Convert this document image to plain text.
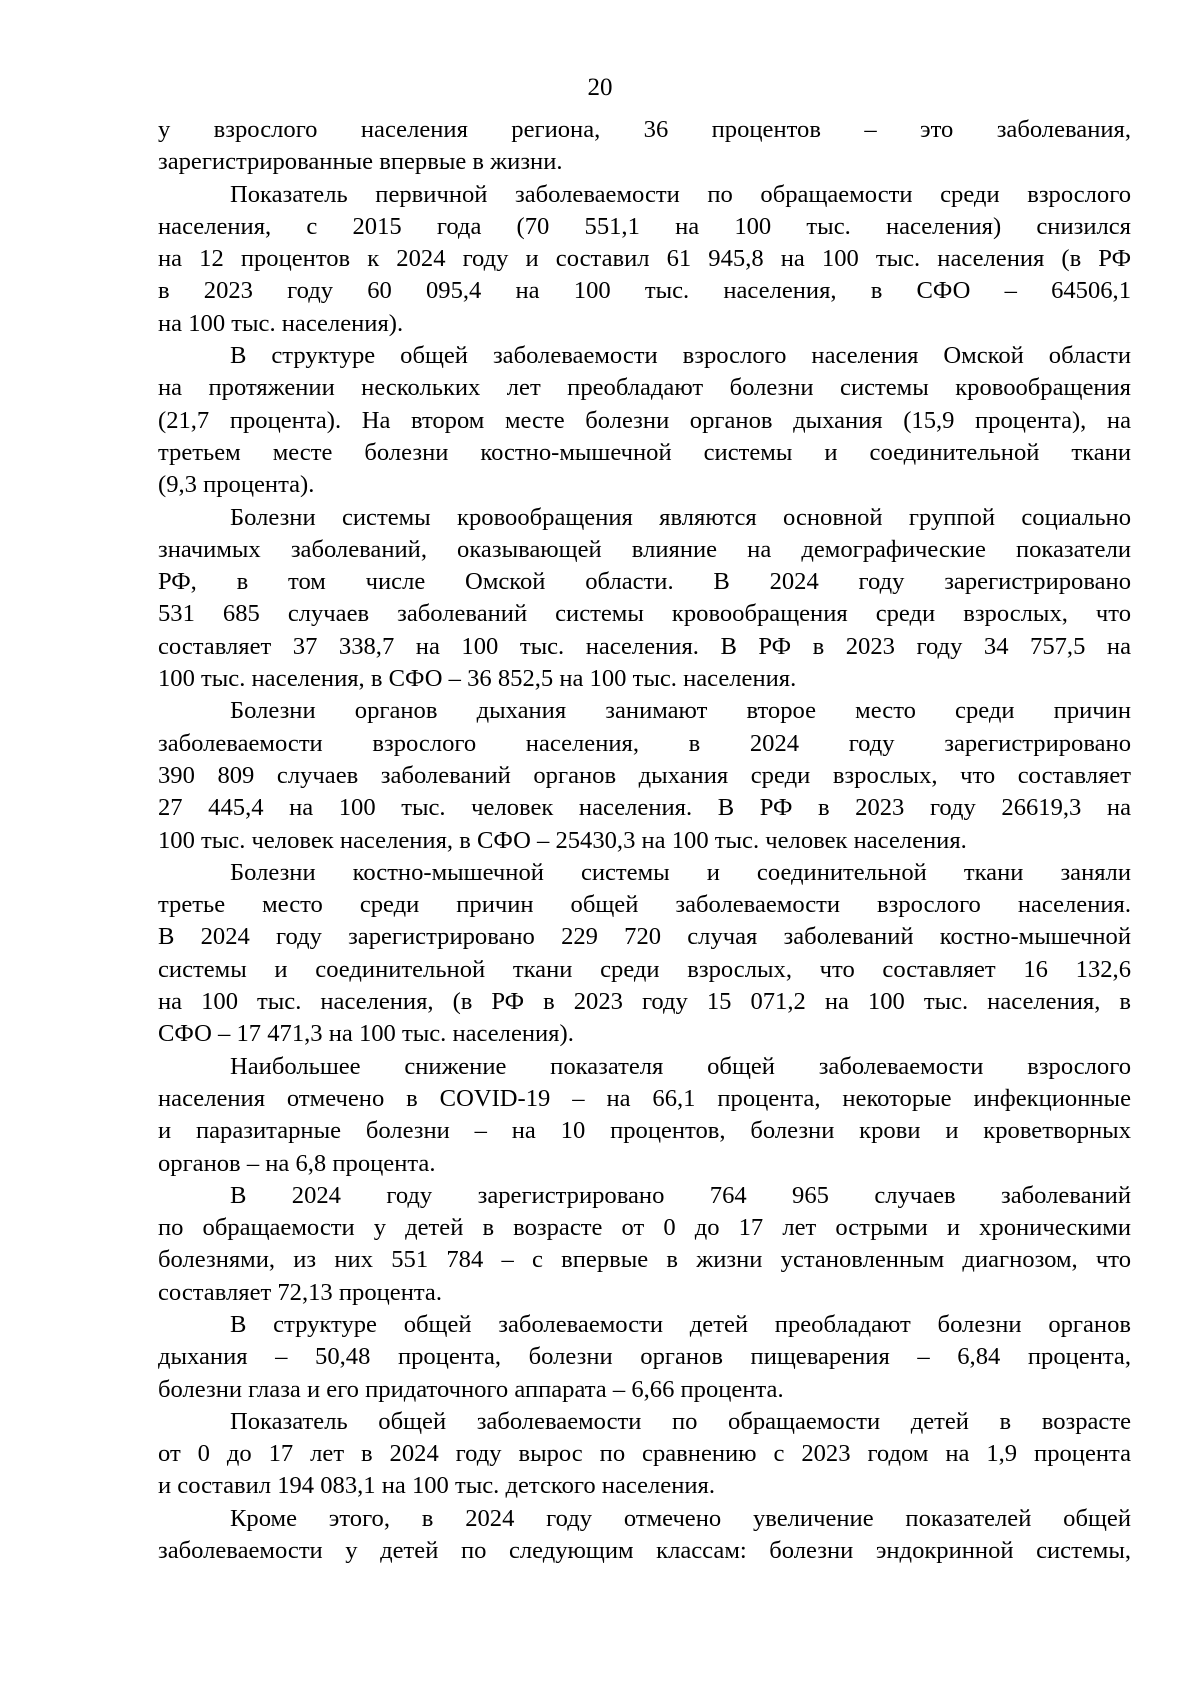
20
у взрослого населения региона, 36 процентов – это заболевания,
зарегистрированные впервые в жизни.
Показатель первичной заболеваемости по обращаемости среди взрослого
населения, с 2015 года (70 551,1 на 100 тыс. населения) снизился
на 12 процентов к 2024 году и составил 61 945,8 на 100 тыс. населения (в РФ
в 2023 году 60 095,4 на 100 тыс. населения, в СФО – 64506,1
на 100 тыс. населения).
В структуре общей заболеваемости взрослого населения Омской области
на протяжении нескольких лет преобладают болезни системы кровообращения
(21,7 процента). На втором месте болезни органов дыхания (15,9 процента), на
третьем месте болезни костно-мышечной системы и соединительной ткани
(9,3 процента).
Болезни системы кровообращения являются основной группой социально
значимых заболеваний, оказывающей влияние на демографические показатели
РФ, в том числе Омской области. В 2024 году зарегистрировано
531 685 случаев заболеваний системы кровообращения среди взрослых, что
составляет 37 338,7 на 100 тыс. населения. В РФ в 2023 году 34 757,5 на
100 тыс. населения, в СФО – 36 852,5 на 100 тыс. населения.
Болезни органов дыхания занимают второе место среди причин
заболеваемости взрослого населения, в 2024 году зарегистрировано
390 809 случаев заболеваний органов дыхания среди взрослых, что составляет
27 445,4 на 100 тыс. человек населения. В РФ в 2023 году 26619,3 на
100 тыс. человек населения, в СФО – 25430,3 на 100 тыс. человек населения.
Болезни костно-мышечной системы и соединительной ткани заняли
третье место среди причин общей заболеваемости взрослого населения.
В 2024 году зарегистрировано 229 720 случая заболеваний костно-мышечной
системы и соединительной ткани среди взрослых, что составляет 16 132,6
на 100 тыс. населения, (в РФ в 2023 году 15 071,2 на 100 тыс. населения, в
СФО – 17 471,3 на 100 тыс. населения).
Наибольшее снижение показателя общей заболеваемости взрослого
населения отмечено в COVID-19 – на 66,1 процента, некоторые инфекционные
и паразитарные болезни – на 10 процентов, болезни крови и кроветворных
органов – на 6,8 процента.
В 2024 году зарегистрировано 764 965 случаев заболеваний
по обращаемости у детей в возрасте от 0 до 17 лет острыми и хроническими
болезнями, из них 551 784 – с впервые в жизни установленным диагнозом, что
составляет 72,13 процента.
В структуре общей заболеваемости детей преобладают болезни органов
дыхания – 50,48 процента, болезни органов пищеварения – 6,84 процента,
болезни глаза и его придаточного аппарата – 6,66 процента.
Показатель общей заболеваемости по обращаемости детей в возрасте
от 0 до 17 лет в 2024 году вырос по сравнению с 2023 годом на 1,9 процента
и составил 194 083,1 на 100 тыс. детского населения.
Кроме этого, в 2024 году отмечено увеличение показателей общей
заболеваемости у детей по следующим классам: болезни эндокринной системы,
